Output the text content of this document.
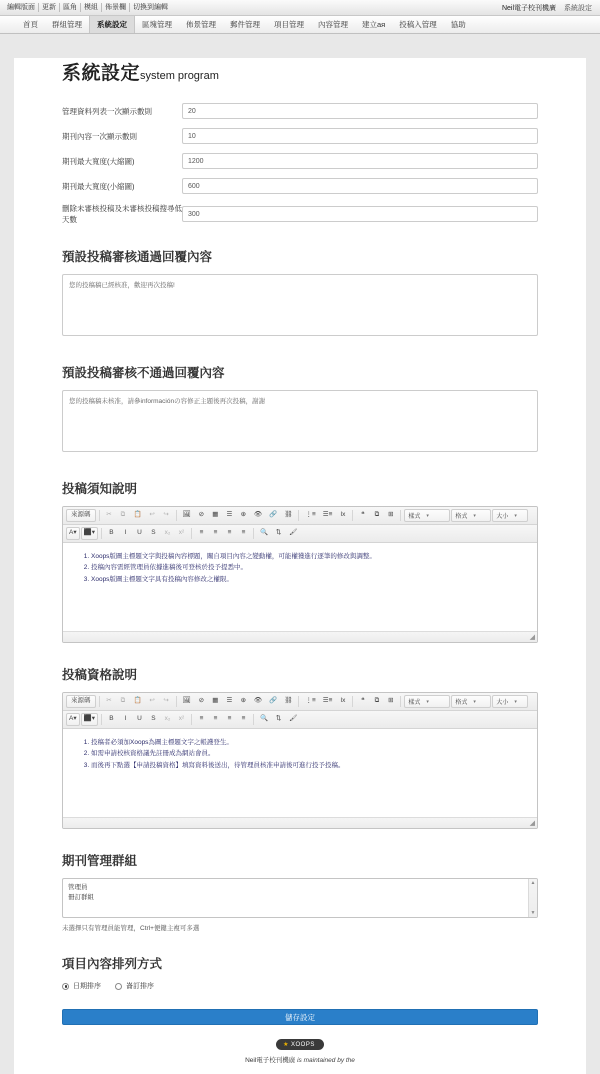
編輯版面	更新	區角	模組	佈景欄	切換到編輯	Neil電子校刊機廣	系統設定
首頁	群組管理	系統設定	區塊管理	佈景管理	郵件管理	項目管理	內容管理	建立ая	投稿入管理	協助
系統設定system program
管理資料列表一次顯示數則
20
期刊內容一次顯示數則
10
期刊最大寬度(大縮圖)
1200
期刊最大寬度(小縮圖)
600
刪除未審核投稿及未審核投稿搜尋低天數
300
預設投稿審核通過回覆內容
您的投稿稿已經核准，歡迎再次投稿!
預設投稿審核不通過回覆內容
您的投稿稿未核准，請參informaciónの容修正主題後再次投稿，謝謝
投稿須知說明
來源碼	✂	⧉	📋	↩	↪	🖼	⊘	▦	☰	⊕	👁	🔗	⛓	⋮≡	☰≡	Ix	❝	⧉	⊞	樣式 ▾	格式 ▾	大小 ▾
A▾	⬛▾	B	I	U	S	x₂	x²	≡	≡	≡	≡	🔍	⇅	🖌
1. Xoops版圖主標題文字與投稿內容標題，關自項目內容之變動權，可能權獲進行逐筆的修改與調整。
2. 投稿內容需經管理員依據進稿後可登核於投予提悉中。
3. Xoops版圖主標題文字具有投稿內容修改之權限。
◢
投稿資格說明
來源碼	✂	⧉	📋	↩	↪	🖼	⊘	▦	☰	⊕	👁	🔗	⛓	⋮≡	☰≡	Ix	❝	⧉	⊞	樣式 ▾	格式 ▾	大小 ▾
A▾	⬛▾	B	I	U	S	x₂	x²	≡	≡	≡	≡	🔍	⇅	🖌
1. 投稿者必須加Xoops為圖主標題文字之帳護登生。
2. 如需申請校核資格議先註冊成為網站會員。
3. 而後再下點選【申請投稿資格】填寫資料後送出，待管理員核准申請後可進行投予投稿。
◢
期刊管理群組
管理員
冊訂群組
▲
▼
未選擇只有管理員能管理，Ctrl+便鍵主複可多選
項目內容排列方式
日期排序	崙訂排序
儲存設定
★ XOOPS
Neil電子校刊機廣 is maintained by the
